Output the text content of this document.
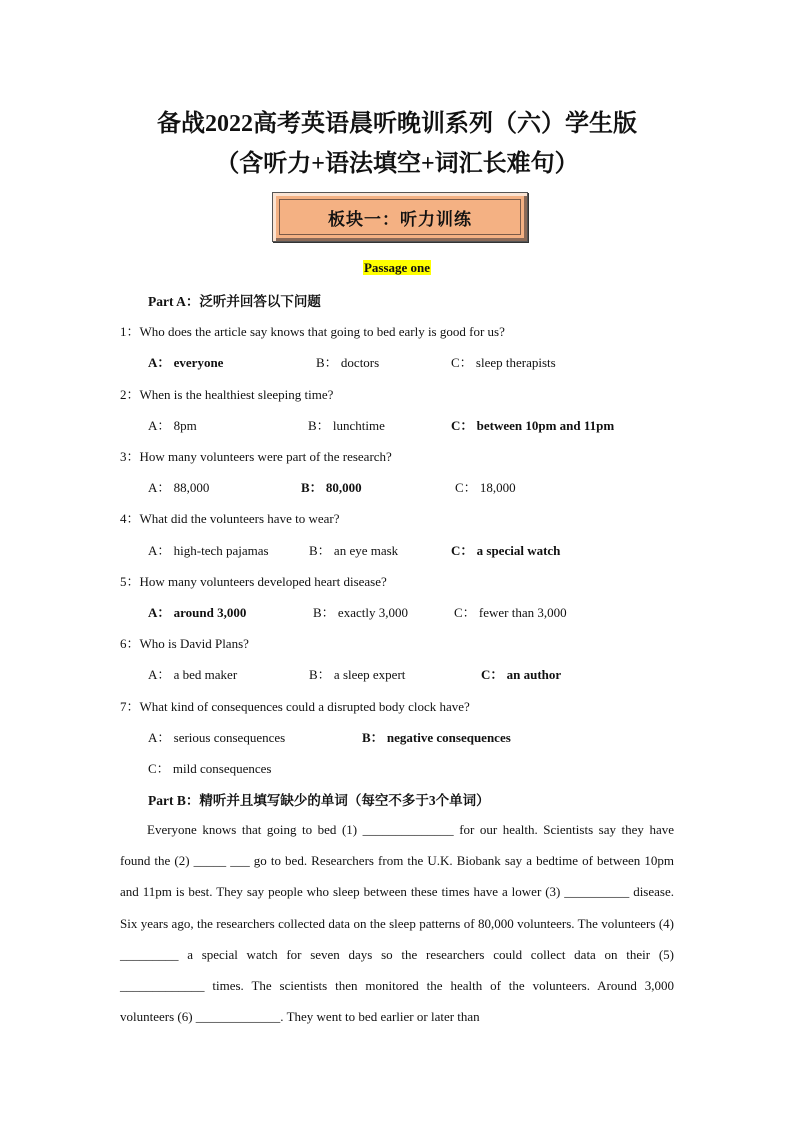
备战2022高考英语晨听晚训系列（六）学生版
（含听力+语法填空+词汇长难句）
板块一：听力训练
Passage one
Part A：泛听并回答以下问题
1：Who does the article say knows that going to bed early is good for us?
A： everyone	B： doctors	C： sleep therapists
2：When is the healthiest sleeping time?
A： 8pm	B： lunchtime	C： between 10pm and 11pm
3：How many volunteers were part of the research?
A： 88,000	B： 80,000	C： 18,000
4：What did the volunteers have to wear?
A： high-tech pajamas	B： an eye mask	C： a special watch
5：How many volunteers developed heart disease?
A： around 3,000	B： exactly 3,000	C： fewer than 3,000
6：Who is David Plans?
A： a bed maker	B： a sleep expert	C： an author
7：What kind of consequences could a disrupted body clock have?
A： serious consequences	B： negative consequences
C： mild consequences
Part B：精听并且填写缺少的单词（每空不多于3个单词）

Everyone knows that going to bed (1) ______________ for our health. Scientists say they have found the (2) _____ ___ go to bed. Researchers from the U.K. Biobank say a bedtime of between 10pm and 11pm is best. They say people who sleep between these times have a lower (3) __________ disease. Six years ago, the researchers collected data on the sleep patterns of 80,000 volunteers. The volunteers (4) _________ a special watch for seven days so the researchers could collect data on their (5) _____________ times. The scientists then monitored the health of the volunteers. Around 3,000 volunteers (6) _____________. They went to bed earlier or later than
